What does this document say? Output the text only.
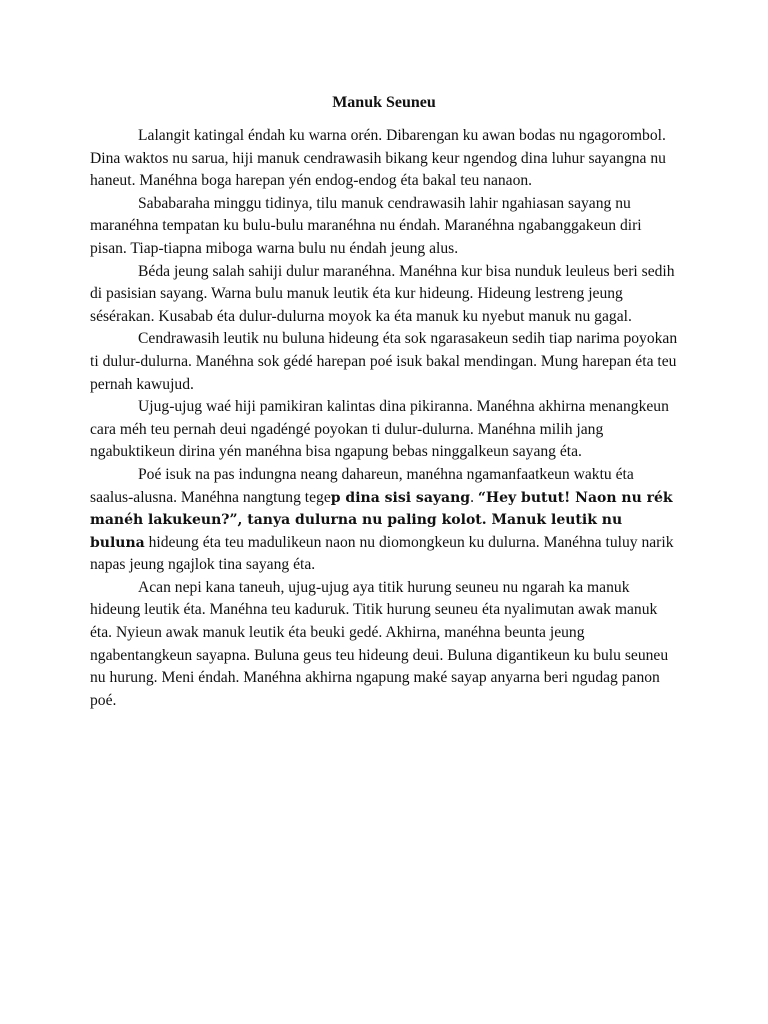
Manuk Seuneu

Lalangit katingal éndah ku warna orén. Dibarengan ku awan bodas nu ngagorombol. Dina waktos nu sarua, hiji manuk cendrawasih bikang keur ngendog dina luhur sayangna nu haneut. Manéhna boga harepan yén endog-endog éta bakal teu nanaon.

Sababaraha minggu tidinya, tilu manuk cendrawasih lahir ngahiasan sayang nu maranéhna tempatan ku bulu-bulu maranéhna nu éndah. Maranéhna ngabanggakeun diri pisan. Tiap-tiapna miboga warna bulu nu éndah jeung alus.

Béda jeung salah sahiji dulur maranéhna. Manéhna kur bisa nunduk leuleus beri sedih di pasisian sayang. Warna bulu manuk leutik éta kur hideung. Hideung lestreng jeung sésérakan. Kusabab éta dulur-dulurna moyok ka éta manuk ku nyebut manuk nu gagal.

Cendrawasih leutik nu buluna hideung éta sok ngarasakeun sedih tiap narima poyokan ti dulur-dulurna. Manéhna sok gédé harepan poé isuk bakal mendingan. Mung harepan éta teu pernah kawujud.

Ujug-ujug waé hiji pamikiran kalintas dina pikiranna. Manéhna akhirna menangkeun cara méh teu pernah deui ngadéngé poyokan ti dulur-dulurna. Manéhna milih jang ngabuktikeun dirina yén manéhna bisa ngapung bebas ninggalkeun sayang éta.

Poé isuk na pas indungna neang dahareun, manéhna ngamanfaatkeun waktu éta saalus-alusna. Manéhna nangtung tegep dina sisi sayang. “Hey butut! Naon nu rék manéh lakukeun?”, tanya dulurna nu paling kolot. Manuk leutik nu buluna hideung éta teu madulikeun naon nu diomongkeun ku dulurna. Manéhna tuluy narik napas jeung ngajlok tina sayang éta.

Acan nepi kana taneuh, ujug-ujug aya titik hurung seuneu nu ngarah ka manuk hideung leutik éta. Manéhna teu kaduruk. Titik hurung seuneu éta nyalimutan awak manuk éta. Nyieun awak manuk leutik éta beuki gedé. Akhirna, manéhna beunta jeung ngabentangkeun sayapna. Buluna geus teu hideung deui. Buluna digantikeun ku bulu seuneu nu hurung. Meni éndah. Manéhna akhirna ngapung maké sayap anyarna beri ngudag panon poé.
